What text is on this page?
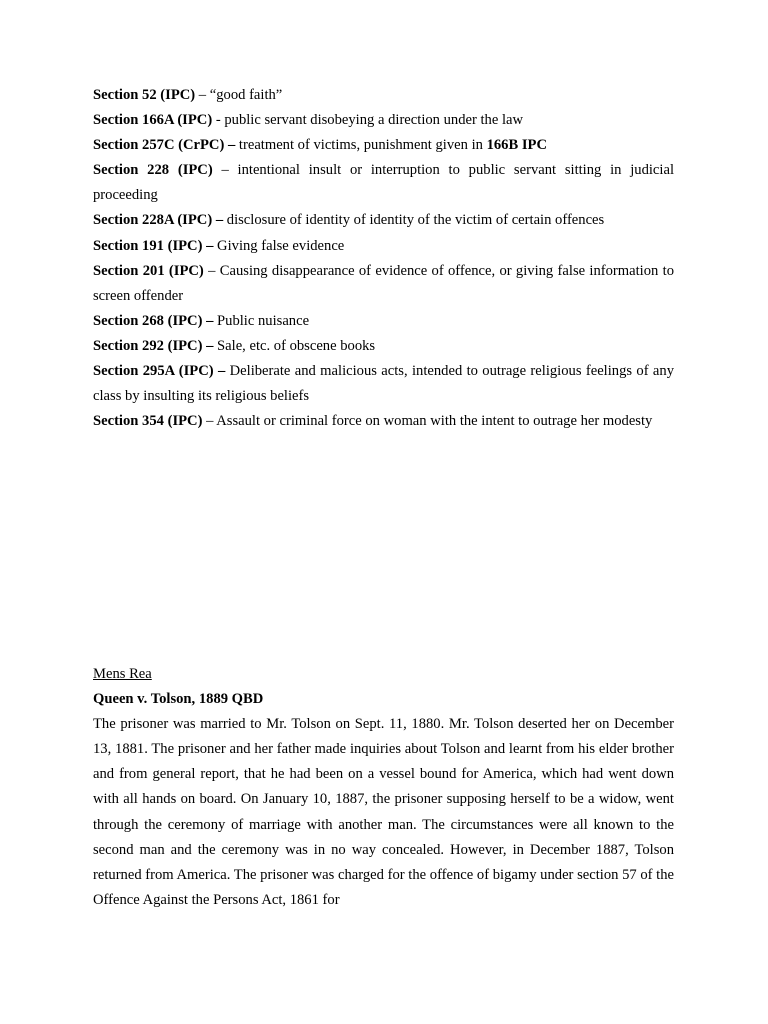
Section 52 (IPC) – “good faith”

Section 166A (IPC) - public servant disobeying a direction under the law

Section 257C (CrPC) – treatment of victims, punishment given in 166B IPC

Section 228 (IPC) – intentional insult or interruption to public servant sitting in judicial proceeding

Section 228A (IPC) – disclosure of identity of identity of the victim of certain offences

Section 191 (IPC) – Giving false evidence

Section 201 (IPC) – Causing disappearance of evidence of offence, or giving false information to screen offender

Section 268 (IPC) – Public nuisance

Section 292 (IPC) – Sale, etc. of obscene books

Section 295A (IPC) – Deliberate and malicious acts, intended to outrage religious feelings of any class by insulting its religious beliefs

Section 354 (IPC) – Assault or criminal force on woman with the intent to outrage her modesty

Mens Rea

Queen v. Tolson, 1889 QBD

The prisoner was married to Mr. Tolson on Sept. 11, 1880. Mr. Tolson deserted her on December 13, 1881. The prisoner and her father made inquiries about Tolson and learnt from his elder brother and from general report, that he had been on a vessel bound for America, which had went down with all hands on board. On January 10, 1887, the prisoner supposing herself to be a widow, went through the ceremony of marriage with another man. The circumstances were all known to the second man and the ceremony was in no way concealed. However, in December 1887, Tolson returned from America. The prisoner was charged for the offence of bigamy under section 57 of the Offence Against the Persons Act, 1861 for
